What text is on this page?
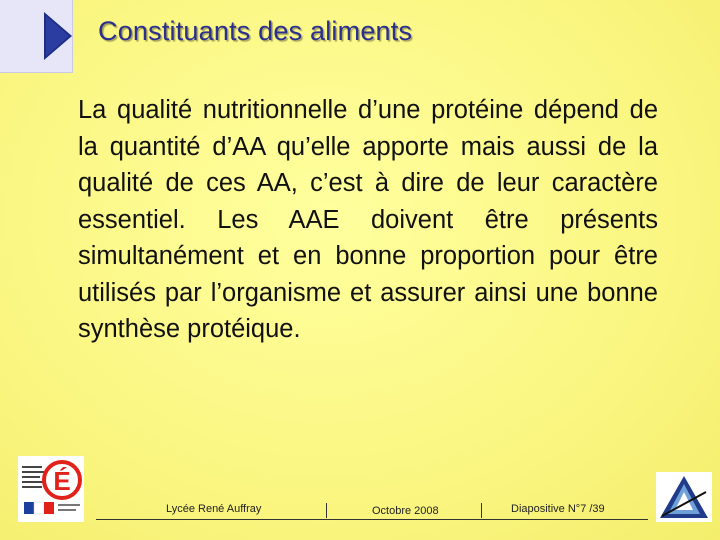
Constituants des aliments
La qualité nutritionnelle d’une protéine dépend de la quantité d’AA qu’elle apporte mais aussi de la qualité de ces AA, c’est à dire de leur caractère essentiel. Les AAE doivent être présents simultanément et en bonne proportion pour être utilisés par l’organisme et assurer ainsi une bonne synthèse protéique.
É
Lycée René Auffray	Octobre 2008	Diapositive N°7 /39
